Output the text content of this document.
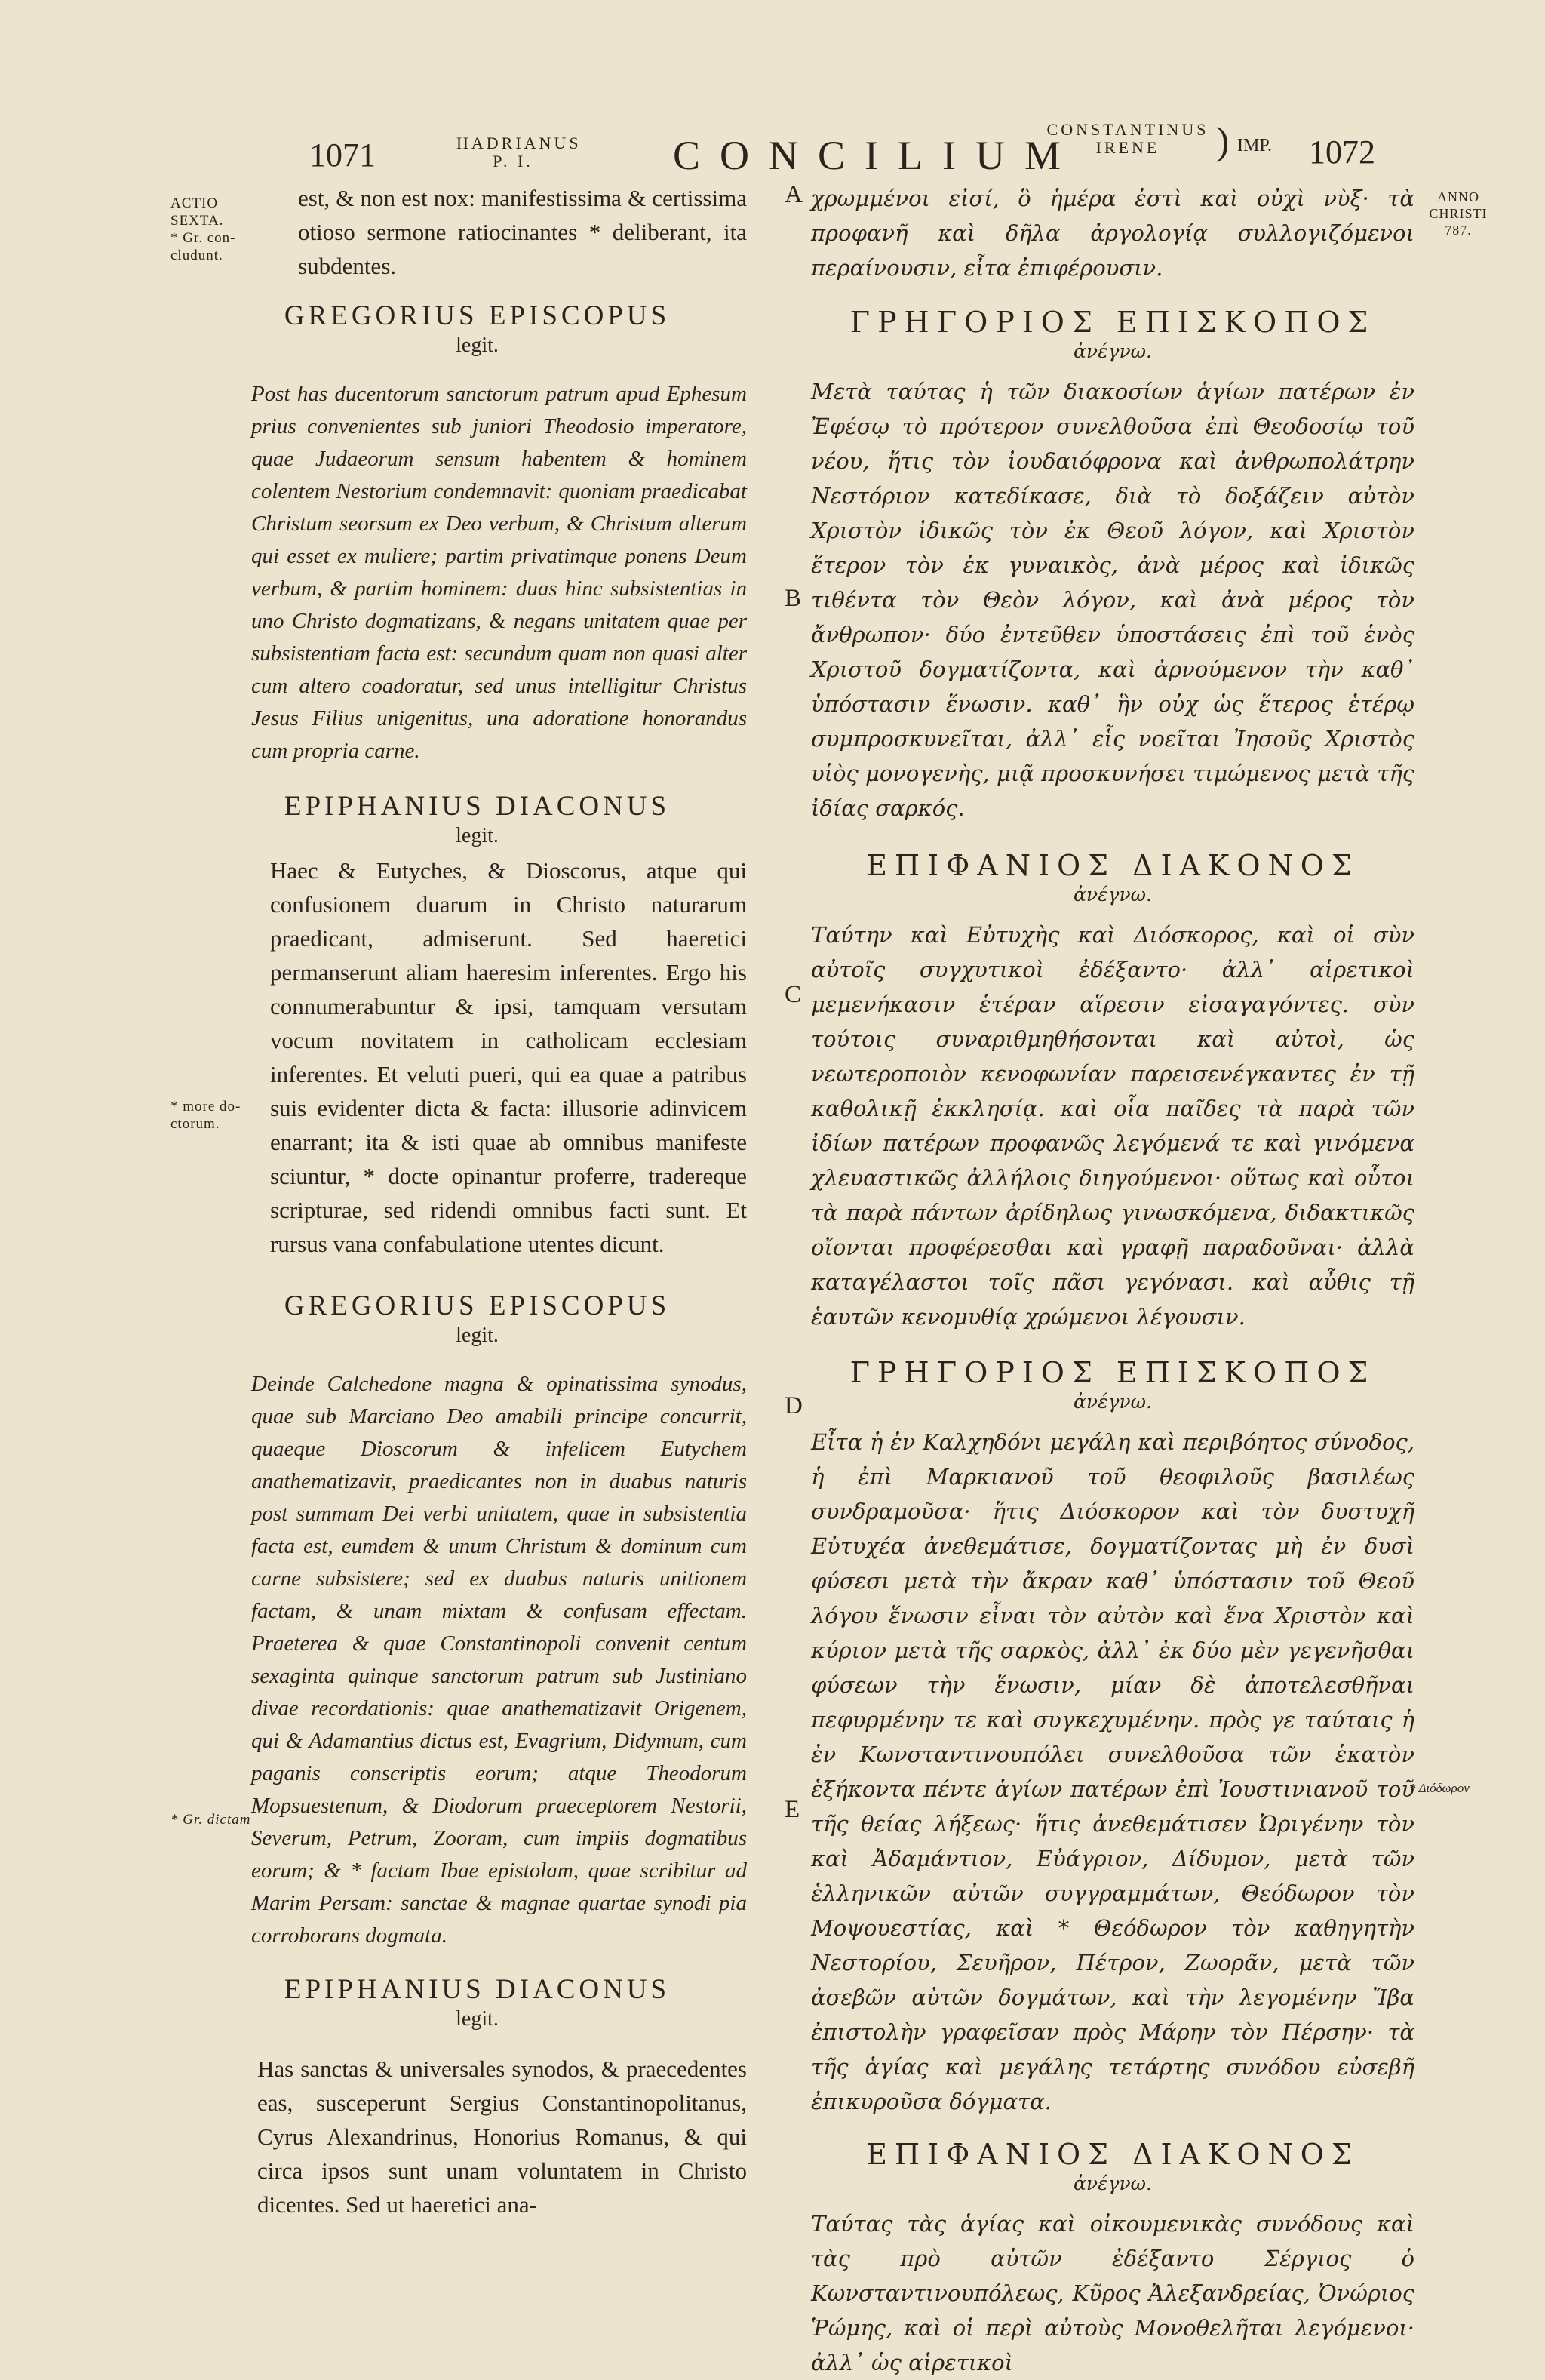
1071	HADRIANUS
P. I.	CONCILIUM
CONSTANTINUS
IRENE	) IMP. 1072
ACTIO
SEXTA.
* Gr. con-
cludunt.
* more do-
ctorum.
* Gr. dictam
ANNO
CHRISTI
787.
* Διόδωρον
A
B
C
D
E

est, & non est nox: manifestissima & certissima otioso sermone ratiocinantes * deliberant, ita subdentes.

GREGORIUS EPISCOPUS

legit.

Post has ducentorum sanctorum patrum apud Ephesum prius convenientes sub juniori Theodosio imperatore, quae Judaeorum sensum habentem & hominem colentem Nestorium condemnavit: quoniam praedicabat Christum seorsum ex Deo verbum, & Christum alterum qui esset ex muliere; partim privatimque ponens Deum verbum, & partim hominem: duas hinc subsistentias in uno Christo dogmatizans, & negans unitatem quae per subsistentiam facta est: secundum quam non quasi alter cum altero coadoratur, sed unus intelligitur Christus Jesus Filius unigenitus, una adoratione honorandus cum propria carne.

EPIPHANIUS DIACONUS

legit.

Haec & Eutyches, & Dioscorus, atque qui confusionem duarum in Christo naturarum praedicant, admiserunt. Sed haeretici permanserunt aliam haeresim inferentes. Ergo his connumerabuntur & ipsi, tamquam versutam vocum novitatem in catholicam ecclesiam inferentes. Et veluti pueri, qui ea quae a patribus suis evidenter dicta & facta: illusorie adinvicem enarrant; ita & isti quae ab omnibus manifeste sciuntur, * docte opinantur proferre, tradereque scripturae, sed ridendi omnibus facti sunt. Et rursus vana confabulatione utentes dicunt.

GREGORIUS EPISCOPUS

legit.

Deinde Calchedone magna & opinatissima synodus, quae sub Marciano Deo amabili principe concurrit, quaeque Dioscorum & infelicem Eutychem anathematizavit, praedicantes non in duabus naturis post summam Dei verbi unitatem, quae in subsistentia facta est, eumdem & unum Christum & dominum cum carne subsistere; sed ex duabus naturis unitionem factam, & unam mixtam & confusam effectam. Praeterea & quae Constantinopoli convenit centum sexaginta quinque sanctorum patrum sub Justiniano divae recordationis: quae anathematizavit Origenem, qui & Adamantius dictus est, Evagrium, Didymum, cum paganis conscriptis eorum; atque Theodorum Mopsuestenum, & Diodorum praeceptorem Nestorii, Severum, Petrum, Zooram, cum impiis dogmatibus eorum; & * factam Ibae epistolam, quae scribitur ad Marim Persam: sanctae & magnae quartae synodi pia corroborans dogmata.

EPIPHANIUS DIACONUS

legit.

Has sanctas & universales synodos, & praecedentes eas, susceperunt Sergius Constantinopolitanus, Cyrus Alexandrinus, Honorius Romanus, & qui circa ipsos sunt unam voluntatem in Christo dicentes. Sed ut haeretici ana-

χρωμμένοι εἰσί, ὃ ἡμέρα ἐστὶ καὶ οὐχὶ νὺξ· τὰ προφανῆ καὶ δῆλα ἀργολογίᾳ συλλογιζόμενοι περαίνουσιν, εἶτα ἐπιφέρουσιν.

ΓΡΗΓΟΡΙΟΣ ΕΠΙΣΚΟΠΟΣ

ἀνέγνω.

Μετὰ ταύτας ἡ τῶν διακοσίων ἁγίων πατέρων ἐν Ἐφέσῳ τὸ πρότερον συνελθοῦσα ἐπὶ Θεοδοσίῳ τοῦ νέου, ἥτις τὸν ἰουδαιόφρονα καὶ ἀνθρωπολάτρην Νεστόριον κατεδίκασε, διὰ τὸ δοξάζειν αὐτὸν Χριστὸν ἰδικῶς τὸν ἐκ Θεοῦ λόγον, καὶ Χριστὸν ἕτερον τὸν ἐκ γυναικὸς, ἀνὰ μέρος καὶ ἰδικῶς τιθέντα τὸν Θεὸν λόγον, καὶ ἀνὰ μέρος τὸν ἄνθρωπον· δύο ἐντεῦθεν ὑποστάσεις ἐπὶ τοῦ ἑνὸς Χριστοῦ δογματίζοντα, καὶ ἀρνούμενον τὴν καθ᾽ ὑπόστασιν ἕνωσιν. καθ᾽ ἣν οὐχ ὡς ἕτερος ἑτέρῳ συμπροσκυνεῖται, ἀλλ᾽ εἷς νοεῖται Ἰησοῦς Χριστὸς υἱὸς μονογενὴς, μιᾷ προσκυνήσει τιμώμενος μετὰ τῆς ἰδίας σαρκός.

ΕΠΙΦΑΝΙΟΣ ΔΙΑΚΟΝΟΣ

ἀνέγνω.

Ταύτην καὶ Εὐτυχὴς καὶ Διόσκορος, καὶ οἱ σὺν αὐτοῖς συγχυτικοὶ ἐδέξαντο· ἀλλ᾽ αἱρετικοὶ μεμενήκασιν ἑτέραν αἵρεσιν εἰσαγαγόντες. σὺν τούτοις συναριθμηθήσονται καὶ αὐτοὶ, ὡς νεωτεροποιὸν κενοφωνίαν παρεισενέγκαντες ἐν τῇ καθολικῇ ἐκκλησίᾳ. καὶ οἷα παῖδες τὰ παρὰ τῶν ἰδίων πατέρων προφανῶς λεγόμενά τε καὶ γινόμενα χλευαστικῶς ἀλλήλοις διηγούμενοι· οὕτως καὶ οὗτοι τὰ παρὰ πάντων ἀρίδηλως γινωσκόμενα, διδακτικῶς οἴονται προφέρεσθαι καὶ γραφῇ παραδοῦναι· ἀλλὰ καταγέλαστοι τοῖς πᾶσι γεγόνασι. καὶ αὖθις τῇ ἑαυτῶν κενομυθίᾳ χρώμενοι λέγουσιν.

ΓΡΗΓΟΡΙΟΣ ΕΠΙΣΚΟΠΟΣ

ἀνέγνω.

Εἶτα ἡ ἐν Καλχηδόνι μεγάλη καὶ περιβόητος σύνοδος, ἡ ἐπὶ Μαρκιανοῦ τοῦ θεοφιλοῦς βασιλέως συνδραμοῦσα· ἥτις Διόσκορον καὶ τὸν δυστυχῆ Εὐτυχέα ἀνεθεμάτισε, δογματίζοντας μὴ ἐν δυσὶ φύσεσι μετὰ τὴν ἄκραν καθ᾽ ὑπόστασιν τοῦ Θεοῦ λόγου ἕνωσιν εἶναι τὸν αὐτὸν καὶ ἕνα Χριστὸν καὶ κύριον μετὰ τῆς σαρκὸς, ἀλλ᾽ ἐκ δύο μὲν γεγενῆσθαι φύσεων τὴν ἕνωσιν, μίαν δὲ ἀποτελεσθῆναι πεφυρμένην τε καὶ συγκεχυμένην. πρὸς γε ταύταις ἡ ἐν Κωνσταντινουπόλει συνελθοῦσα τῶν ἑκατὸν ἑξήκοντα πέντε ἁγίων πατέρων ἐπὶ Ἰουστινιανοῦ τοῦ τῆς θείας λήξεως· ἥτις ἀνεθεμάτισεν Ὠριγένην τὸν καὶ Ἀδαμάντιον, Εὐάγριον, Δίδυμον, μετὰ τῶν ἑλληνικῶν αὐτῶν συγγραμμάτων, Θεόδωρον τὸν Μοψουεστίας, καὶ * Θεόδωρον τὸν καθηγητὴν Νεστορίου, Σευῆρον, Πέτρον, Ζωορᾶν, μετὰ τῶν ἀσεβῶν αὐτῶν δογμάτων, καὶ τὴν λεγομένην Ἴβα ἐπιστολὴν γραφεῖσαν πρὸς Μάρην τὸν Πέρσην· τὰ τῆς ἁγίας καὶ μεγάλης τετάρτης συνόδου εὐσεβῆ ἐπικυροῦσα δόγματα.

ΕΠΙΦΑΝΙΟΣ ΔΙΑΚΟΝΟΣ

ἀνέγνω.

Ταύτας τὰς ἁγίας καὶ οἰκουμενικὰς συνόδους καὶ τὰς πρὸ αὐτῶν ἐδέξαντο Σέργιος ὁ Κωνσταντινουπόλεως, Κῦρος Ἀλεξανδρείας, Ὀνώριος Ῥώμης, καὶ οἱ περὶ αὐτοὺς Μονοθελῆται λεγόμενοι· ἀλλ᾽ ὡς αἱρετικοὶ
